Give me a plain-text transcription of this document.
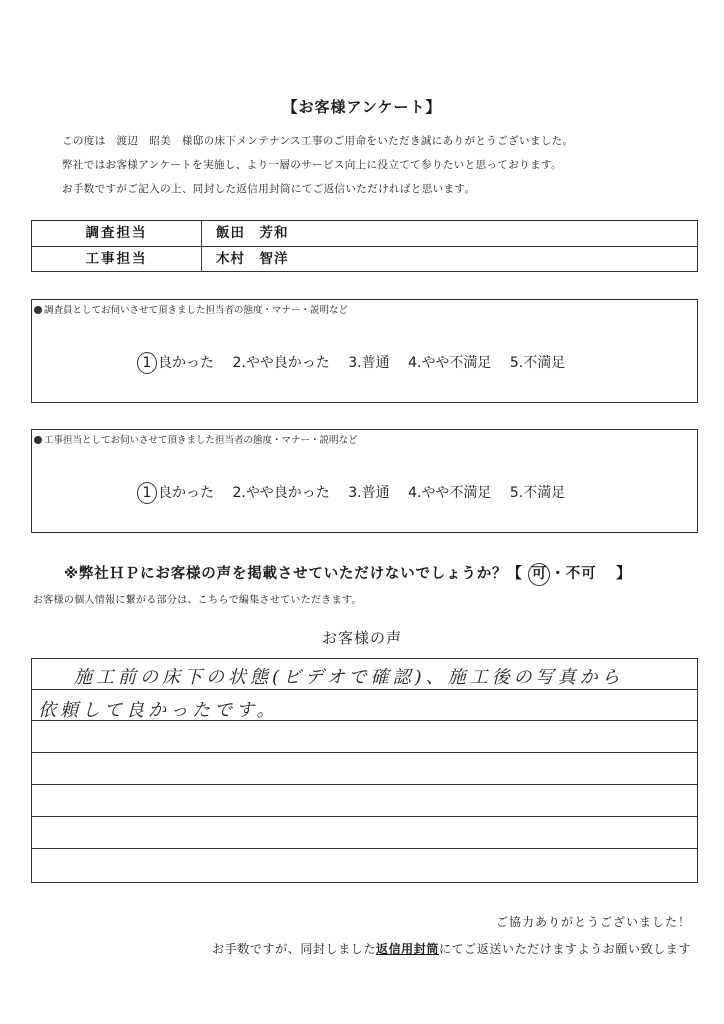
【お客様アンケート】
この度は　渡辺　昭美　様邸の床下メンテナンス工事のご用命をいただき誠にありがとうございました。
弊社ではお客様アンケートを実施し、より一層のサービス向上に役立てて参りたいと思っております。
お手数ですがご記入の上、同封した返信用封筒にてご返信いただければと思います。
調査担当	飯田　芳和
工事担当	木村　智洋
調査員としてお伺いさせて頂きました担当者の態度・マナー・説明など
1 良かった 2.やや良かった 3.普通 4.やや不満足 5.不満足
工事担当としてお伺いさせて頂きました担当者の態度・マナー・説明など
1 良かった 2.やや良かった 3.普通 4.やや不満足 5.不満足
※弊社ＨＰにお客様の声を掲載させていただけないでしょうか？【 可 ・不可 】
お客様の個人情報に繋がる部分は、こちらで編集させていただきます。
お客様の声
施工前の床下の状態(ビデオで確認)、施工後の写真から
依頼して良かったです。
ご協力ありがとうございました！
お手数ですが、同封しました返信用封筒にてご返送いただけますようお願い致します
